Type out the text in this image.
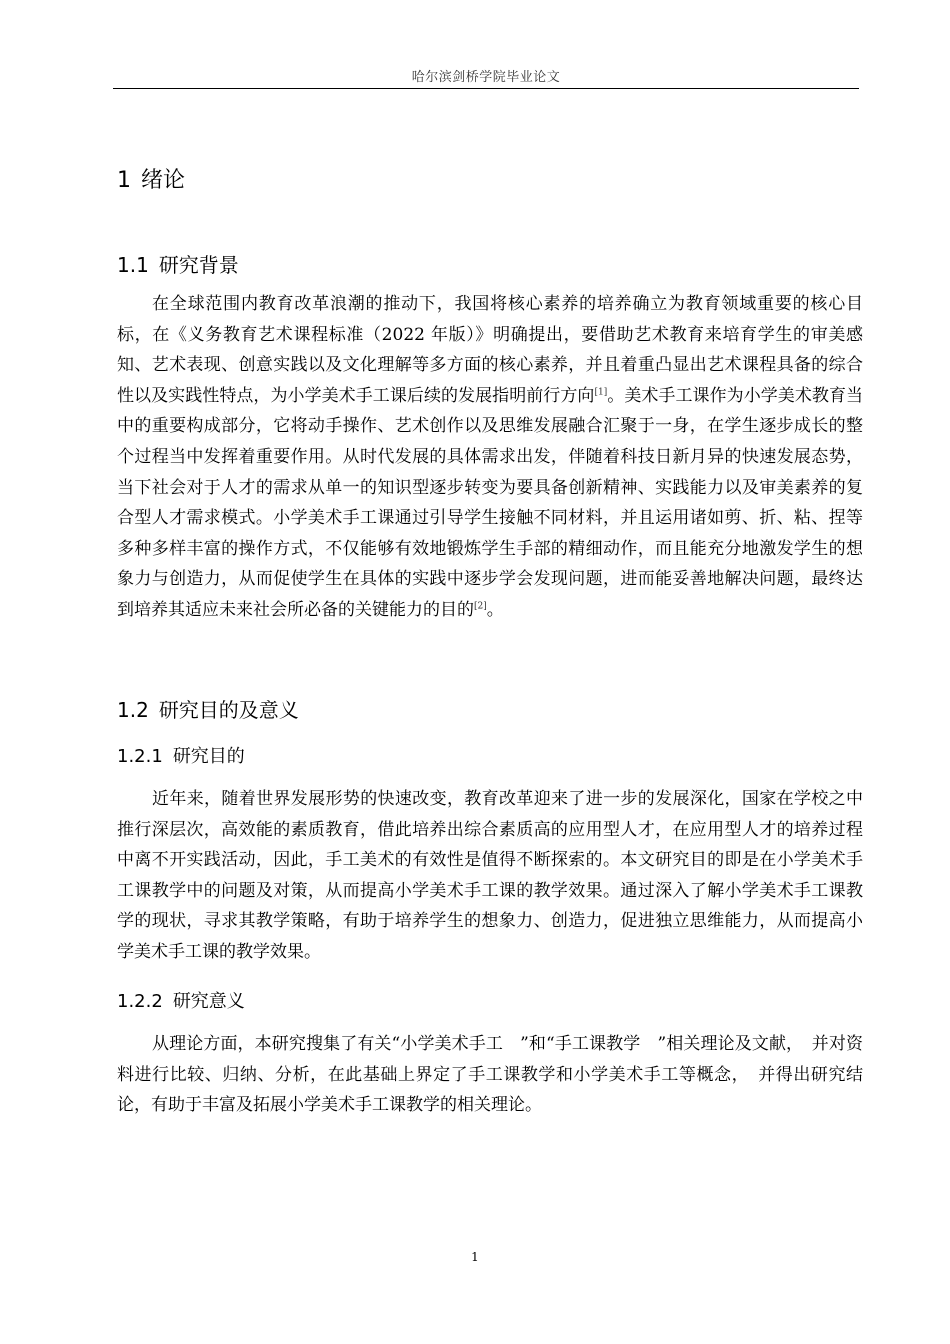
哈尔滨剑桥学院毕业论文
1 绪论
1.1 研究背景

在全球范围内教育改革浪潮的推动下，我国将核心素养的培养确立为教育领域重要的核心目标，在《义务教育艺术课程标准（2022 年版）》明确提出，要借助艺术教育来培育学生的审美感知、艺术表现、创意实践以及文化理解等多方面的核心素养，并且着重凸显出艺术课程具备的综合性以及实践性特点，为小学美术手工课后续的发展指明前行方向[1]。美术手工课作为小学美术教育当中的重要构成部分，它将动手操作、艺术创作以及思维发展融合汇聚于一身，在学生逐步成长的整个过程当中发挥着重要作用。从时代发展的具体需求出发，伴随着科技日新月异的快速发展态势，当下社会对于人才的需求从单一的知识型逐步转变为要具备创新精神、实践能力以及审美素养的复合型人才需求模式。小学美术手工课通过引导学生接触不同材料，并且运用诸如剪、折、粘、捏等多种多样丰富的操作方式，不仅能够有效地锻炼学生手部的精细动作，而且能充分地激发学生的想象力与创造力，从而促使学生在具体的实践中逐步学会发现问题，进而能妥善地解决问题，最终达到培养其适应未来社会所必备的关键能力的目的[2]。

1.2 研究目的及意义
1.2.1 研究目的

近年来，随着世界发展形势的快速改变，教育改革迎来了进一步的发展深化，国家在学校之中推行深层次，高效能的素质教育，借此培养出综合素质高的应用型人才，在应用型人才的培养过程中离不开实践活动，因此，手工美术的有效性是值得不断探索的。本文研究目的即是在小学美术手工课教学中的问题及对策，从而提高小学美术手工课的教学效果。通过深入了解小学美术手工课教学的现状，寻求其教学策略，有助于培养学生的想象力、创造力，促进独立思维能力，从而提高小学美术手工课的教学效果。

1.2.2 研究意义

从理论方面，本研究搜集了有关“小学美术手工　”和“手工课教学　”相关理论及文献，　并对资料进行比较、归纳、分析，在此基础上界定了手工课教学和小学美术手工等概念，　并得出研究结论，有助于丰富及拓展小学美术手工课教学的相关理论。

1
